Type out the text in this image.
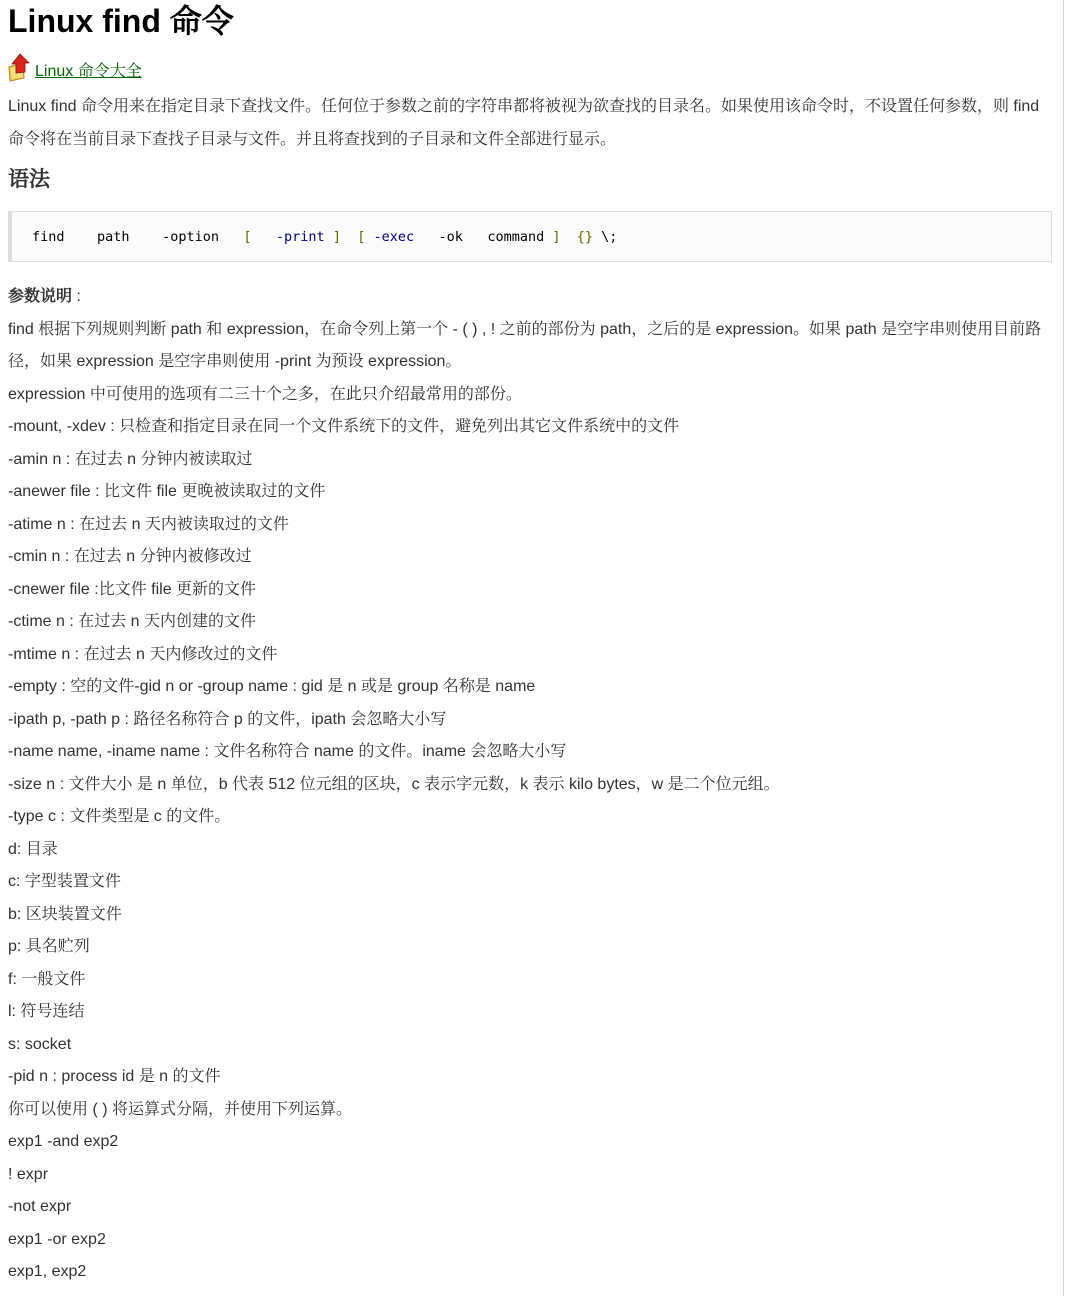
Linux find 命令
Linux 命令大全

Linux find 命令用来在指定目录下查找文件。任何位于参数之前的字符串都将被视为欲查找的目录名。如果使用该命令时，不设置任何参数，则 find 命令将在当前目录下查找子目录与文件。并且将查找到的子目录和文件全部进行显示。

语法
find path -option [ -print ] [ -exec -ok command ] {} \;
参数说明 :
find 根据下列规则判断 path 和 expression，在命令列上第一个 - ( ) , ! 之前的部份为 path，之后的是 expression。如果 path 是空字串则使用目前路径，如果 expression 是空字串则使用 -print 为预设 expression。
expression 中可使用的选项有二三十个之多，在此只介绍最常用的部份。
-mount, -xdev : 只检查和指定目录在同一个文件系统下的文件，避免列出其它文件系统中的文件
-amin n : 在过去 n 分钟内被读取过
-anewer file : 比文件 file 更晚被读取过的文件
-atime n : 在过去 n 天内被读取过的文件
-cmin n : 在过去 n 分钟内被修改过
-cnewer file :比文件 file 更新的文件
-ctime n : 在过去 n 天内创建的文件
-mtime n : 在过去 n 天内修改过的文件
-empty : 空的文件-gid n or -group name : gid 是 n 或是 group 名称是 name
-ipath p, -path p : 路径名称符合 p 的文件，ipath 会忽略大小写
-name name, -iname name : 文件名称符合 name 的文件。iname 会忽略大小写
-size n : 文件大小 是 n 单位，b 代表 512 位元组的区块，c 表示字元数，k 表示 kilo bytes，w 是二个位元组。
-type c : 文件类型是 c 的文件。
d: 目录
c: 字型装置文件
b: 区块装置文件
p: 具名贮列
f: 一般文件
l: 符号连结
s: socket
-pid n : process id 是 n 的文件
你可以使用 ( ) 将运算式分隔，并使用下列运算。
exp1 -and exp2
! expr
-not expr
exp1 -or exp2
exp1, exp2
